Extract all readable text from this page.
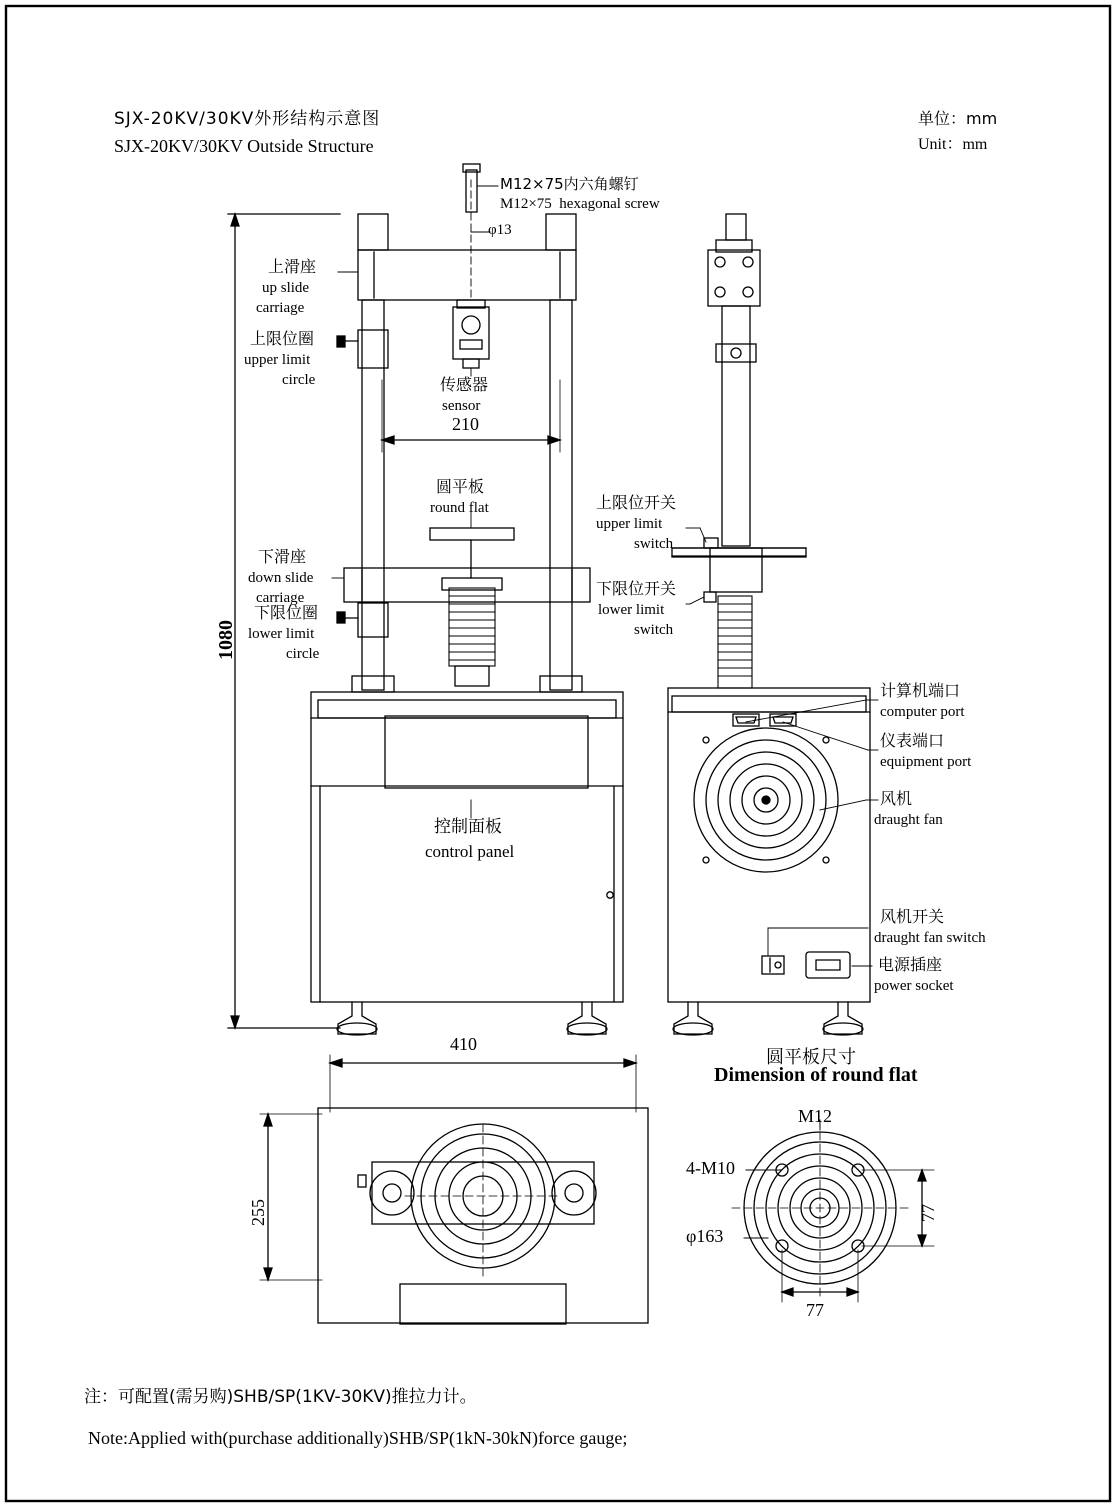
SJX-20KV/30KV外形结构示意图
SJX-20KV/30KV Outside Structure
单位：mm
Unit：mm
M12×75内六角螺钉
M12×75  hexagonal screw
φ13
上滑座
up slide
carriage
上限位圈
upper limit
circle	传感器
sensor
210
圆平板
round flat	上限位开关
upper limit
switch
下滑座
down slide
carriage	下限位开关
lower limit
switch
下限位圈
lower limit
circle
1080
控制面板
control panel
计算机端口
computer port
仪表端口
equipment port
风机
draught fan
风机开关
draught fan switch
电源插座
power socket
410
255
圆平板尺寸
Dimension of round flat
M12
4-M10
φ163
77
77
注：可配置(需另购)SHB/SP(1KV-30KV)推拉力计。
Note:Applied with(purchase additionally)SHB/SP(1kN-30kN)force gauge;
